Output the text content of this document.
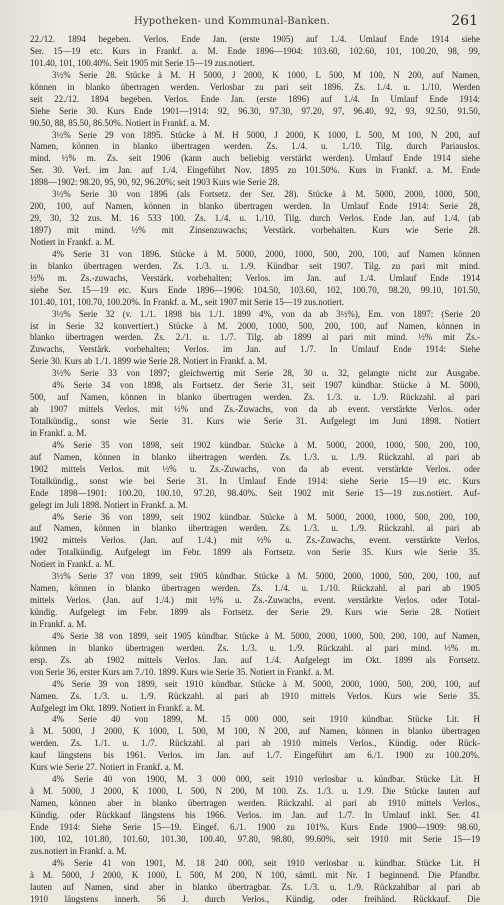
Hypotheken- und Kommunal-Banken.	261
22./12. 1894 begeben. Verlos. Ende Jan. (erste 1905) auf 1./4. Umlauf Ende 1914 siehe
Ser. 15—19 etc. Kurs in Frankf. a. M. Ende 1896—1904: 103.60, 102.60, 101, 100.20, 98, 99,
101.40, 101, 100.40%. Seit 1905 mit Serie 15—19 zus.notiert.
3½% Serie 28. Stücke à M. H 5000, J 2000, K 1000, L 500, M 100, N 200, auf Namen,
können in blanko übertragen werden. Verlosbar zu pari seit 1896. Zs. 1./4. u. 1./10. Werden
seit 22./12. 1894 begeben. Verlos. Ende Jan. (erste 1896) auf 1./4. In Umlauf Ende 1914:
Siehe Serie 30. Kurs Ende 1901—1914: 92, 96.30, 97.30, 97.20, 97, 96.40, 92, 93, 92.50, 91.50,
90.50, 88, 85.50, 86.50%. Notiert in Frankf. a. M.
3½% Serie 29 von 1895. Stücke à M. H 5000, J 2000, K 1000, L 500, M 100, N 200, auf
Namen, können in blanko übertragen werden. Zs. 1./4. u. 1./10. Tilg. durch Pariauslos.
mind. ½% m. Zs. seit 1906 (kann auch beliebig verstärkt werden). Umlauf Ende 1914 siehe
Ser. 30. Verl. im Jan. auf 1./4. Eingeführt Nov. 1895 zu 101.50%. Kurs in Frankf. a. M. Ende
1898—1902: 98.20, 95, 90, 92, 96.20%; seit 1903 Kurs wie Serie 28.
3½% Serie 30 von 1896 (als Fortsetz. der Ser. 28). Stücke à M. 5000, 2000, 1000, 500,
200, 100, auf Namen, können in blanko übertragen werden. In Umlauf Ende 1914: Serie 28,
29, 30, 32 zus. M. 16 533 100. Zs. 1./4. u. 1./10. Tilg. durch Verlos. Ende Jan. auf 1./4. (ab
1897) mit mind. ½% mit Zinsenzuwachs; Verstärk. vorbehalten. Kurs wie Serie 28.
Notiert in Frankf. a. M.
4% Serie 31 von 1896. Stücke à M. 5000, 2000, 1000, 500, 200, 100, auf Namen können
in blanko übertragen werden. Zs. 1./3. u. 1./9. Kündbar seit 1907. Tilg. zu pari mit mind.
½% m. Zs.-zuwachs, Verstärk. vorbehalten; Verlos. im Jan. auf 1./4. Umlauf Ende 1914
siehe Ser. 15—19 etc. Kurs Ende 1896—1906: 104.50, 103.60, 102, 100.70, 98.20, 99.10, 101.50,
101.40, 101, 100.70, 100.20%. In Frankf. a. M., seit 1907 mit Serie 15—19 zus.notiert.
3½% Serie 32 (v. 1./1. 1898 bis 1./1. 1899 4%, von da ab 3½%), Em. von 1897: (Serie 20
ist in Serie 32 konvertiert.) Stücke à M. 2000, 1000, 500, 200, 100, auf Namen, können in
blanko übertragen werden. Zs. 2./1. u. 1./7. Tilg. ab 1899 al pari mit mind. ½% mit Zs.-
Zuwachs, Verstärk. vorbehalten; Verlos. im Jan. auf 1./7. In Umlauf Ende 1914: Siehe
Serie 30. Kurs ab 1./1. 1899 wie Serie 28. Notiert in Frankf. a. M.
3½% Serie 33 von 1897; gleichwertig mit Serie 28, 30 u. 32, gelangte nicht zur Ausgabe.
4% Serie 34 von 1898, als Fortsetz. der Serie 31, seit 1907 kündbar. Stücke à M. 5000,
500, auf Namen, können in blanko übertragen werden. Zs. 1./3. u. 1./9. Rückzahl. al pari
ab 1907 mittels Verlos. mit ½% und Zs.-Zuwachs, von da ab event. verstärkte Verlos. oder
Totalkündig., sonst wie Serie 31. Kurs wie Serie 31. Aufgelegt im Juni 1898. Notiert
in Frankf. a. M.
4% Serie 35 von 1898, seit 1902 kündbar. Stücke à M. 5000, 2000, 1000, 500, 200, 100,
auf Namen, können in blanko übertragen werden. Zs. 1./3. u. 1./9. Rückzahl. al pari ab
1902 mittels Verlos. mit ½% u. Zs.-Zuwachs, von da ab event. verstärkte Verlos. oder
Totalkündig., sonst wie bei Serie 31. In Umlauf Ende 1914: siehe Serie 15—19 etc. Kurs
Ende 1898—1901: 100.20, 100.10, 97.20, 98.40%. Seit 1902 mit Serie 15—19 zus.notiert. Auf-
gelegt im Juli 1898. Notiert in Frankf. a. M.
4% Serie 36 von 1899, seit 1902 kündbar. Stücke à M. 5000, 2000, 1000, 500, 200, 100,
auf Namen, können in blanko übertragen werden. Zs. 1./3. u. 1./9. Rückzahl. al pari ab
1902 mittels Verlos. (Jan. auf 1./4.) mit ½% u. Zs.-Zuwachs, event. verstärkte Verlos.
oder Totalkündig. Aufgelegt im Febr. 1899 als Fortsetz. von Serie 35. Kurs wie Serie 35.
Notiert in Frankf. a. M.
3½% Serie 37 von 1899, seit 1905 kündbar. Stücke à M. 5000, 2000, 1000, 500, 200, 100, auf
Namen, können in blanko übertragen werden. Zs. 1./4. u. 1./10. Rückzahl. al pari ab 1905
mittels Verlos. (Jan. auf 1./4.) mit ½% u. Zs.-Zuwachs, event. verstärkte Verlos. oder Total-
kündig. Aufgelegt im Febr. 1899 als Fortsetz. der Serie 29. Kurs wie Serie 28. Notiert
in Frankf. a. M.
4% Serie 38 von 1899, seit 1905 kündbar. Stücke à M. 5000, 2000, 1000, 500, 200, 100, auf Namen,
können in blanko übertragen werden. Zs. 1./3. u. 1./9. Rückzahl. al pari mind. ½% m.
ersp. Zs. ab 1902 mittels Verlos. Jan. auf 1./4. Aufgelegt im Okt. 1899 als Fortsetz.
von Serie 36, erster Kurs am 7./10. 1899. Kurs wie Serie 35. Notiert in Frankf. a. M.
4% Serie 39 von 1899, seit 1910 kündbar. Stücke à M. 5000, 2000, 1000, 500, 200, 100, auf
Namen. Zs. 1./3. u. 1./9. Rückzahl. al pari ab 1910 mittels Verlos. Kurs wie Serie 35.
Aufgelegt im Okt. 1899. Notiert in Frankf. a. M.
4% Serie 40 von 1899, M. 15 000 000, seit 1910 kündbar. Stücke Lit. H
à M. 5000, J 2000, K 1000, L 500, M 100, N 200, auf Namen, können in blanko übertragen
werden. Zs. 1./1. u. 1./7. Rückzahl. al pari ab 1910 mittels Verlos., Kündig. oder Rück-
kauf längstens bis 1961. Verlos. im Jan. auf 1./7. Eingeführt am 6./1. 1900 zu 100.20%.
Kurs wie Serie 27. Notiert in Frankf. a. M.
4% Serie 40 von 1900, M. 3 000 000, seit 1910 verlosbar u. kündbar. Stücke Lit. H
à M. 5000, J 2000, K 1000, L 500, N 200, M 100. Zs. 1./3. u. 1./9. Die Stücke lauten auf
Namen, können aber in blanko übertragen werden. Rückzahl. al pari ab 1910 mittels Verlos.,
Kündig. oder Rückkauf längstens bis 1966. Verlos. im Jan. auf 1./7. In Umlauf inkl. Ser. 41
Ende 1914: Siehe Serie 15—19. Eingef. 6./1. 1900 zu 101%. Kurs Ende 1900—1909: 98.60,
100, 102, 101.80, 101.60, 101.30, 100.40, 97.80, 98.80, 99.60%, seit 1910 mit Serie 15—19
zus.notiert in Frankf. a. M.
4% Serie 41 von 1901, M. 18 240 000, seit 1910 verlosbar u. kündbar. Stücke Lit. H
à M. 5000, J 2000, K 1000, L 500, M 200, N 100, sämtl. mit Nr. 1 beginnend. Die Pfandbr.
lauten auf Namen, sind aber in blanko übertragbar. Zs. 1./3. u. 1./9. Rückzahlbar al pari ab
1910 längstens innerh. 56 J. durch Verlos., Kündig. oder freihänd. Rückkauf. Die
